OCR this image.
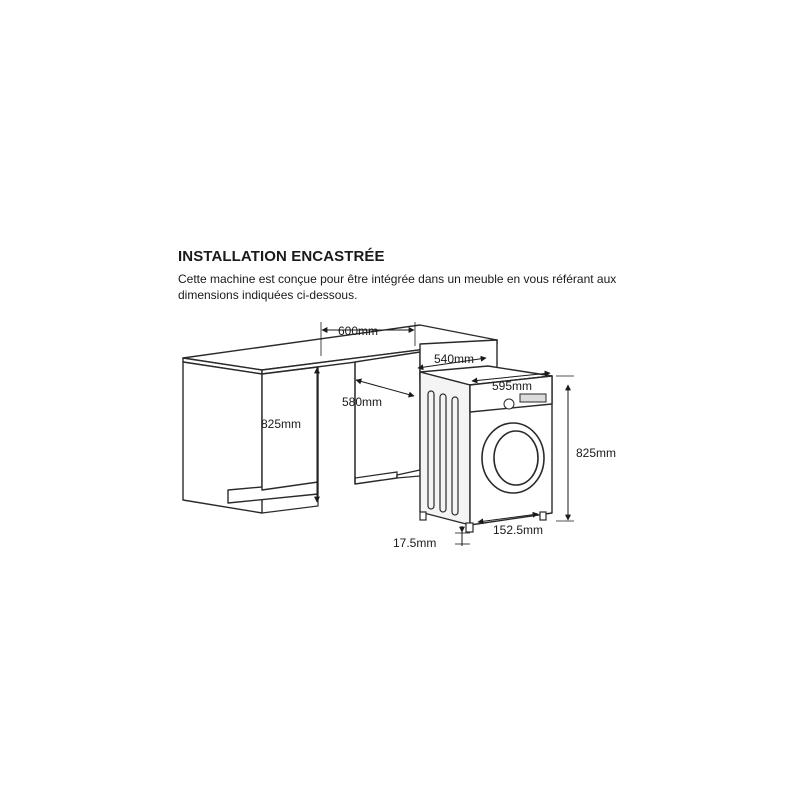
INSTALLATION ENCASTRÉE

Cette machine est conçue pour être intégrée dans un meuble en vous référant aux
dimensions indiquées ci-dessous.

600mm
825mm
580mm
540mm
595mm
825mm
152.5mm
17.5mm
